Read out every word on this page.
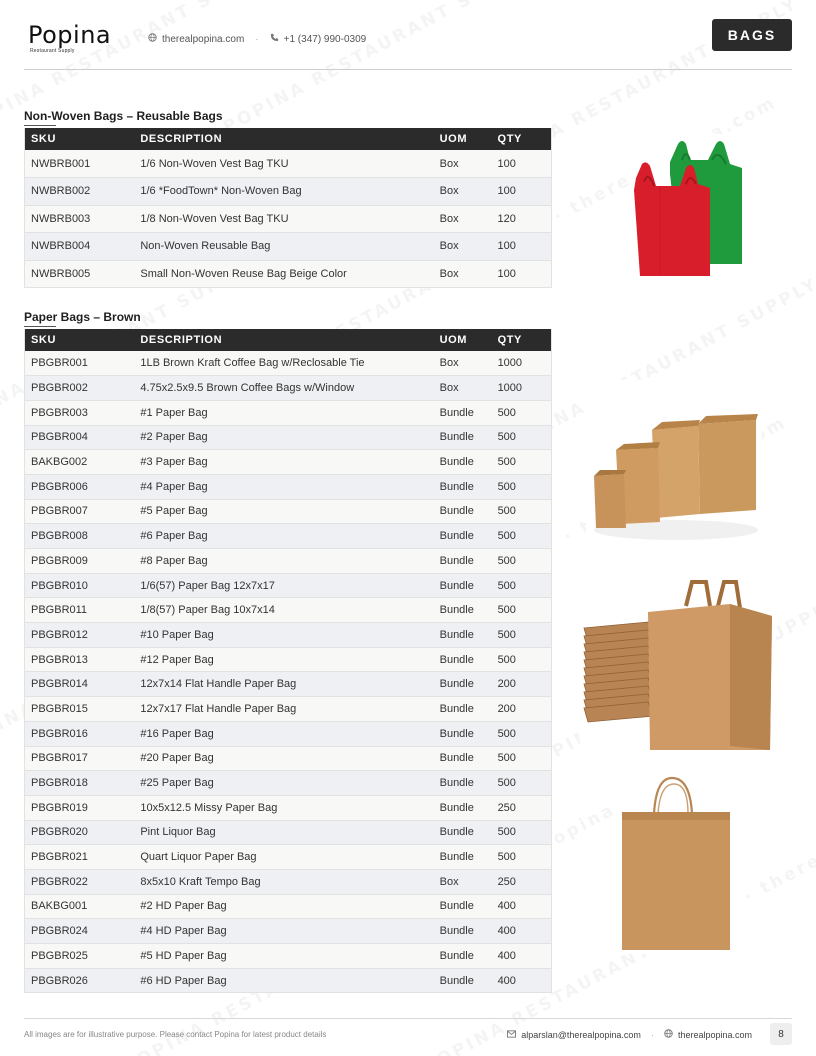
Popina
Restaurant Supply
therealpopina.com ·	+1 (347) 990-0309	BAGS
Non-Woven Bags – Reusable Bags
SKU	DESCRIPTION	UOM	QTY
NWBRB001	1/6 Non-Woven Vest Bag TKU	Box	100
NWBRB002	1/6 *FoodTown* Non-Woven Bag	Box	100
NWBRB003	1/8 Non-Woven Vest Bag TKU	Box	120
NWBRB004	Non-Woven Reusable Bag	Box	100
NWBRB005	Small Non-Woven Reuse Bag Beige Color	Box	100
Paper Bags – Brown
SKU	DESCRIPTION	UOM	QTY
PBGBR001	1LB Brown Kraft Coffee Bag w/Reclosable Tie	Box	1000
PBGBR002	4.75x2.5x9.5 Brown Coffee Bags w/Window	Box	1000
PBGBR003	#1 Paper Bag	Bundle	500
PBGBR004	#2 Paper Bag	Bundle	500
BAKBG002	#3 Paper Bag	Bundle	500
PBGBR006	#4 Paper Bag	Bundle	500
PBGBR007	#5 Paper Bag	Bundle	500
PBGBR008	#6 Paper Bag	Bundle	500
PBGBR009	#8 Paper Bag	Bundle	500
PBGBR010	1/6(57) Paper Bag 12x7x17	Bundle	500
PBGBR011	1/8(57) Paper Bag 10x7x14	Bundle	500
PBGBR012	#10 Paper Bag	Bundle	500
PBGBR013	#12 Paper Bag	Bundle	500
PBGBR014	12x7x14 Flat Handle Paper Bag	Bundle	200
PBGBR015	12x7x17 Flat Handle Paper Bag	Bundle	200
PBGBR016	#16 Paper Bag	Bundle	500
PBGBR017	#20 Paper Bag	Bundle	500
PBGBR018	#25 Paper Bag	Bundle	500
PBGBR019	10x5x12.5 Missy Paper Bag	Bundle	250
PBGBR020	Pint Liquor Bag	Bundle	500
PBGBR021	Quart Liquor Paper Bag	Bundle	500
PBGBR022	8x5x10 Kraft Tempo Bag	Box	250
BAKBG001	#2 HD Paper Bag	Bundle	400
PBGBR024	#4 HD Paper Bag	Bundle	400
PBGBR025	#5 HD Paper Bag	Bundle	400
PBGBR026	#6 HD Paper Bag	Bundle	400
All images are for illustrative purpose. Please contact Popina for latest product details	alparslan@therealpopina.com ·	therealpopina.com	8
